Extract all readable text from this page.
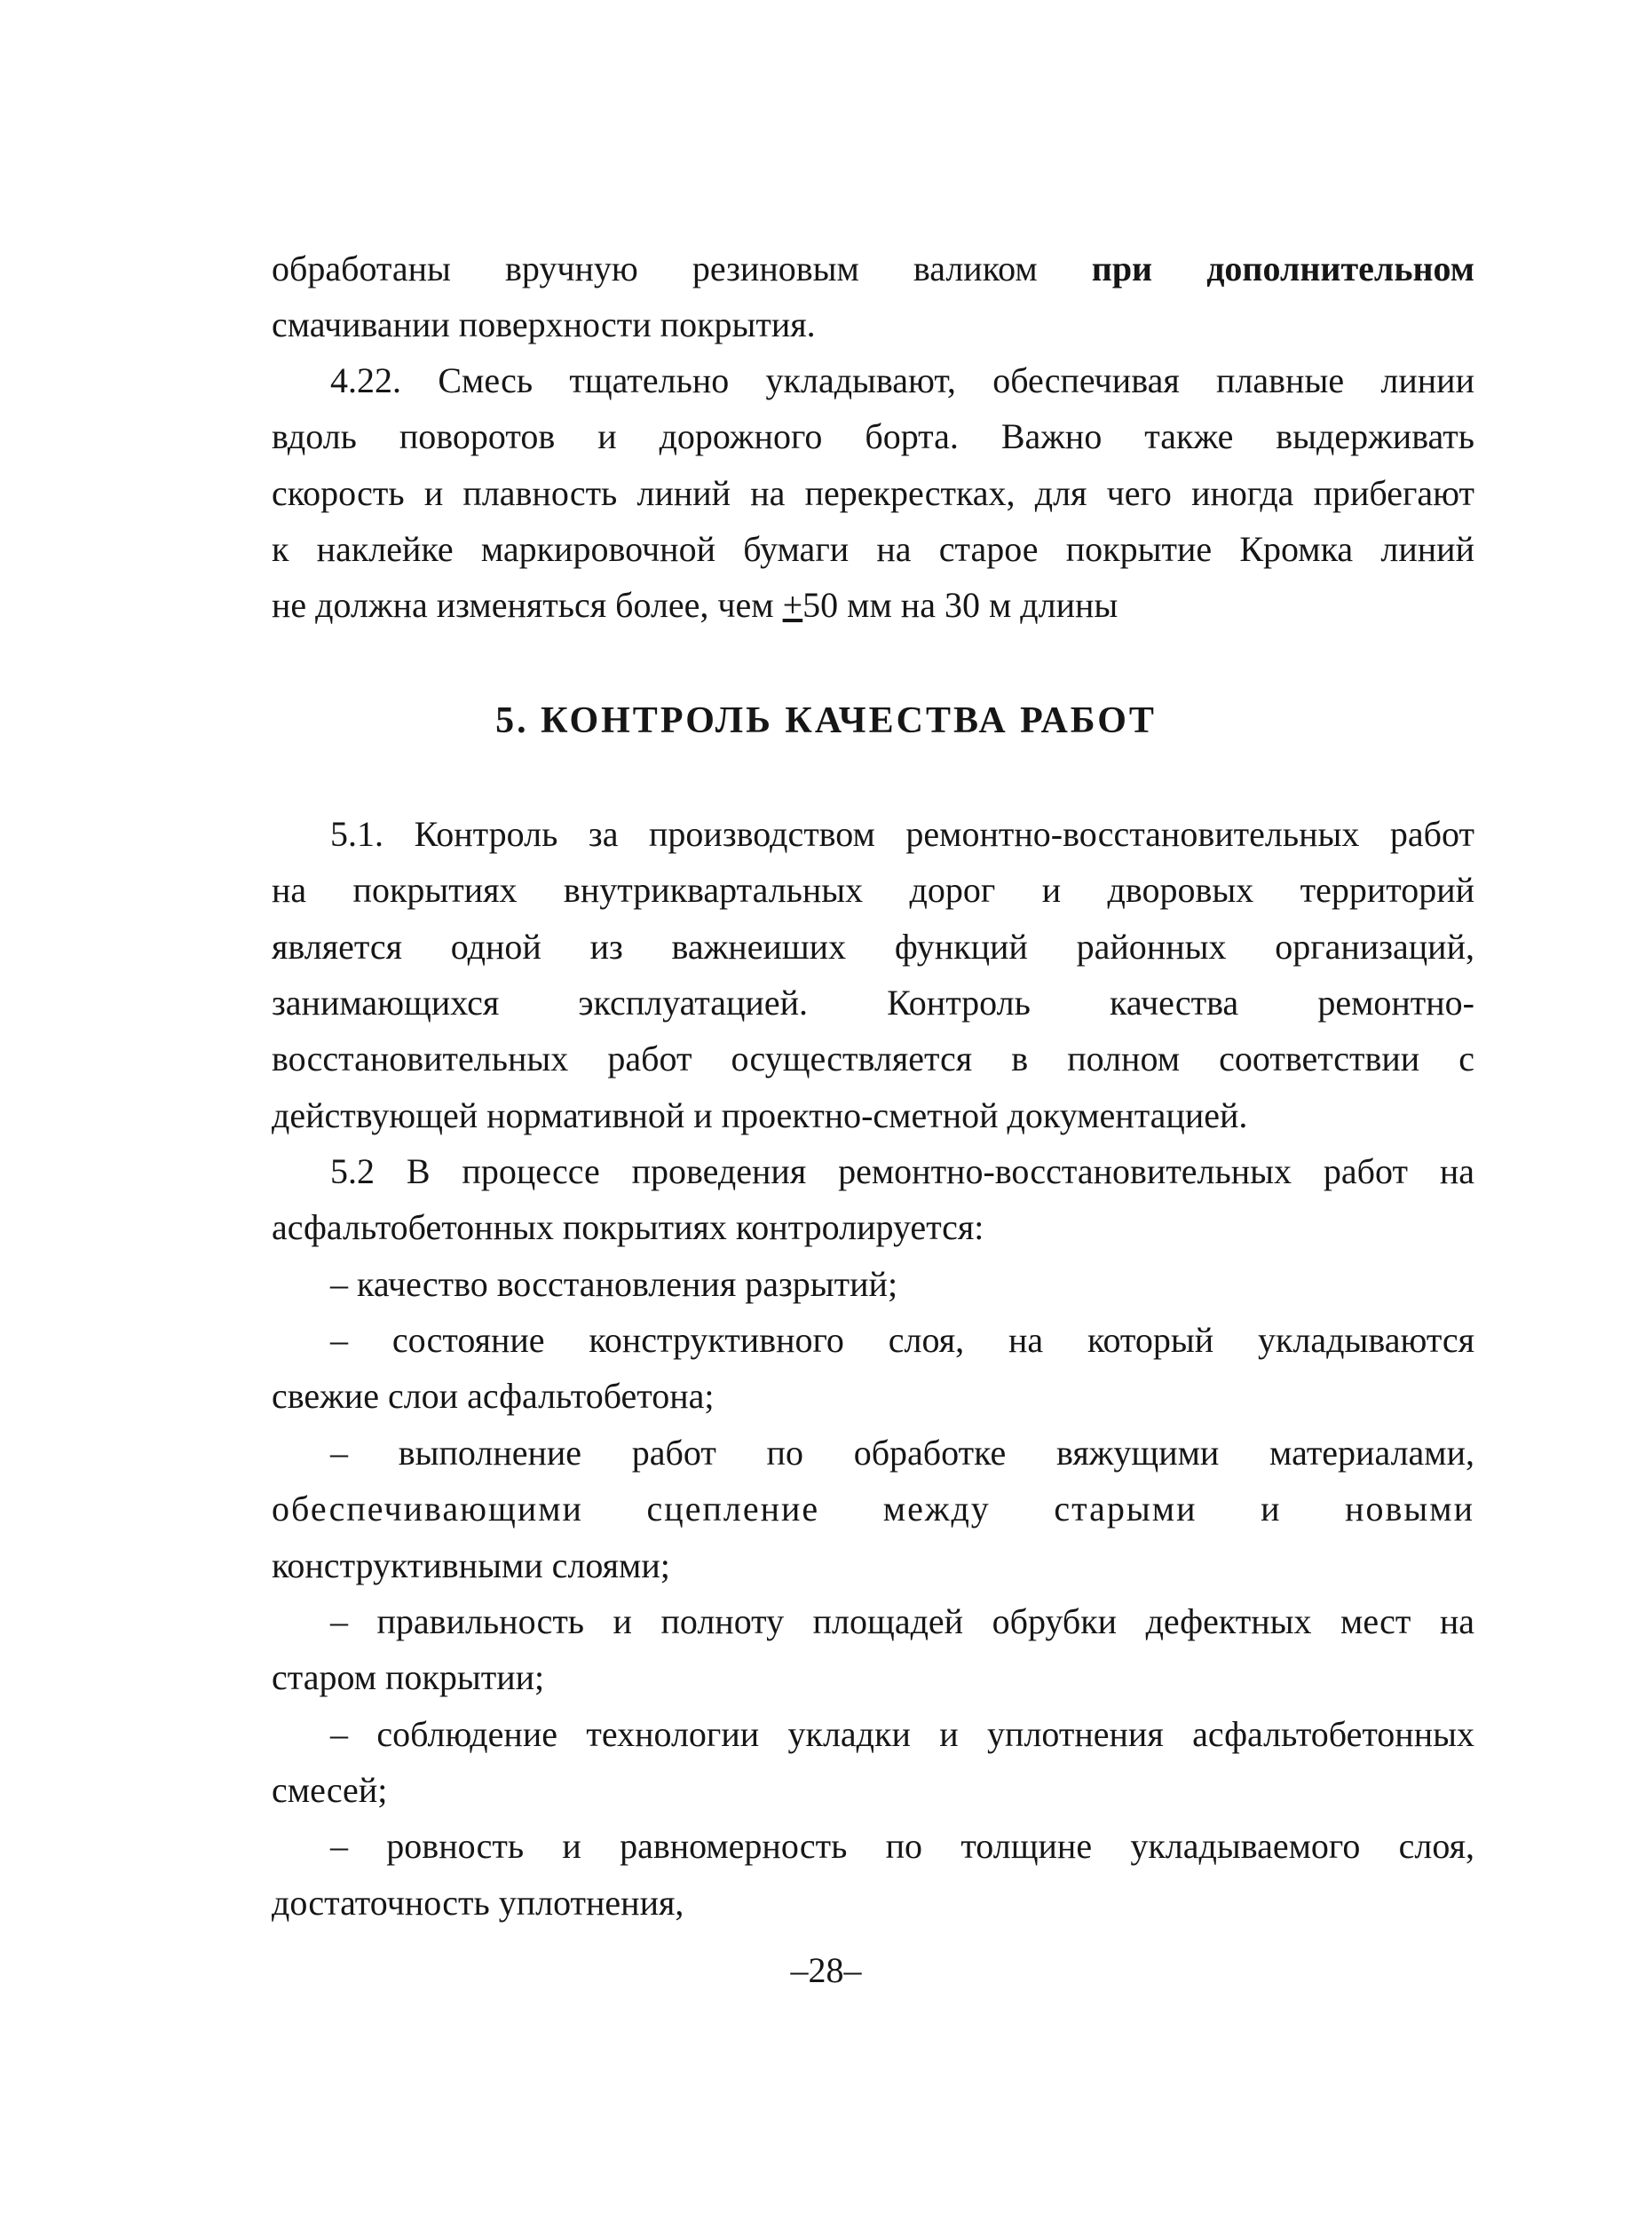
обработаны вручную резиновым валиком при дополнительном
смачивании поверхности покрытия.
4.22. Смесь тщательно укладывают, обеспечивая плавные линии
вдоль поворотов и дорожного борта. Важно также выдерживать
скорость и плавность линий на перекрестках, для чего иногда прибегают
к наклейке маркировочной бумаги на старое покрытие Кромка линий
не должна изменяться более, чем +50 мм на 30 м длины
5. КОНТРОЛЬ КАЧЕСТВА РАБОТ
5.1. Контроль за производством ремонтно-восстановительных работ
на покрытиях внутриквартальных дорог и дворовых территорий
является одной из важнеиших функций районных организаций,
занимающихся эксплуатацией. Контроль качества ремонтно-
восстановительных работ осуществляется в полном соответствии с
действующей нормативной и проектно-сметной документацией.
5.2 В процессе проведения ремонтно-восстановительных работ на
асфальтобетонных покрытиях контролируется:
– качество восстановления разрытий;
– состояние конструктивного слоя, на который укладываются
свежие слои асфальтобетона;
– выполнение работ по обработке вяжущими материалами,
обеспечивающими сцепление между старыми и новыми
конструктивными слоями;
– правильность и полноту площадей обрубки дефектных мест на
старом покрытии;
– соблюдение технологии укладки и уплотнения асфальтобетонных
смесей;
– ровность и равномерность по толщине укладываемого слоя,
достаточность уплотнения,
–28–
